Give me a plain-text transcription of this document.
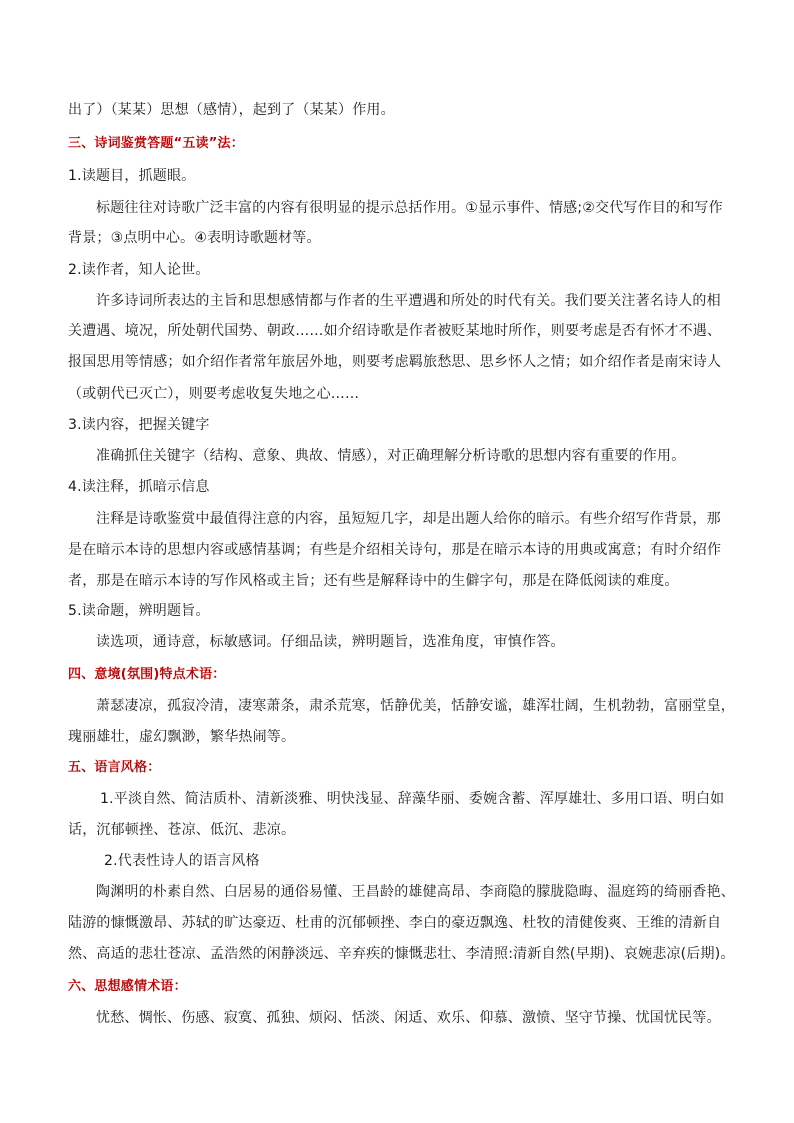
出了）（某某）思想（感情），起到了（某某）作用。
三、诗词鉴赏答题“五读”法：
1.读题目，抓题眼。
标题往往对诗歌广泛丰富的内容有很明显的提示总括作用。①显示事件、情感;②交代写作目的和写作
背景；③点明中心。④表明诗歌题材等。
2.读作者，知人论世。
许多诗词所表达的主旨和思想感情都与作者的生平遭遇和所处的时代有关。我们要关注著名诗人的相
关遭遇、境况，所处朝代国势、朝政……如介绍诗歌是作者被贬某地时所作，则要考虑是否有怀才不遇、
报国思用等情感；如介绍作者常年旅居外地，则要考虑羁旅愁思、思乡怀人之情；如介绍作者是南宋诗人
（或朝代已灭亡），则要考虑收复失地之心……
3.读内容，把握关键字
准确抓住关键字（结构、意象、典故、情感），对正确理解分析诗歌的思想内容有重要的作用。
4.读注释，抓暗示信息
注释是诗歌鉴赏中最值得注意的内容，虽短短几字，却是出题人给你的暗示。有些介绍写作背景，那
是在暗示本诗的思想内容或感情基调；有些是介绍相关诗句，那是在暗示本诗的用典或寓意；有时介绍作
者，那是在暗示本诗的写作风格或主旨；还有些是解释诗中的生僻字句，那是在降低阅读的难度。
5.读命题，辨明题旨。
读选项，通诗意，标敏感词。仔细品读，辨明题旨，选准角度，审慎作答。
四、意境(氛围)特点术语：
萧瑟凄凉，孤寂冷清，凄寒萧条，肃杀荒寒，恬静优美，恬静安谧，雄浑壮阔，生机勃勃，富丽堂皇，
瑰丽雄壮，虚幻飘渺，繁华热闹等。
五、语言风格：
1.平淡自然、简洁质朴、清新淡雅、明快浅显、辞藻华丽、委婉含蓄、浑厚雄壮、多用口语、明白如
话，沉郁顿挫、苍凉、低沉、悲凉。
2.代表性诗人的语言风格
陶渊明的朴素自然、白居易的通俗易懂、王昌龄的雄健高昂、李商隐的朦胧隐晦、温庭筠的绮丽香艳、
陆游的慷慨激昂、苏轼的旷达豪迈、杜甫的沉郁顿挫、李白的豪迈飘逸、杜牧的清健俊爽、王维的清新自
然、高适的悲壮苍凉、孟浩然的闲静淡远、辛弃疾的慷慨悲壮、李清照:清新自然(早期)、哀婉悲凉(后期)。
六、思想感情术语：
忧愁、惆怅、伤感、寂寞、孤独、烦闷、恬淡、闲适、欢乐、仰慕、激愤、坚守节操、忧国忧民等。
